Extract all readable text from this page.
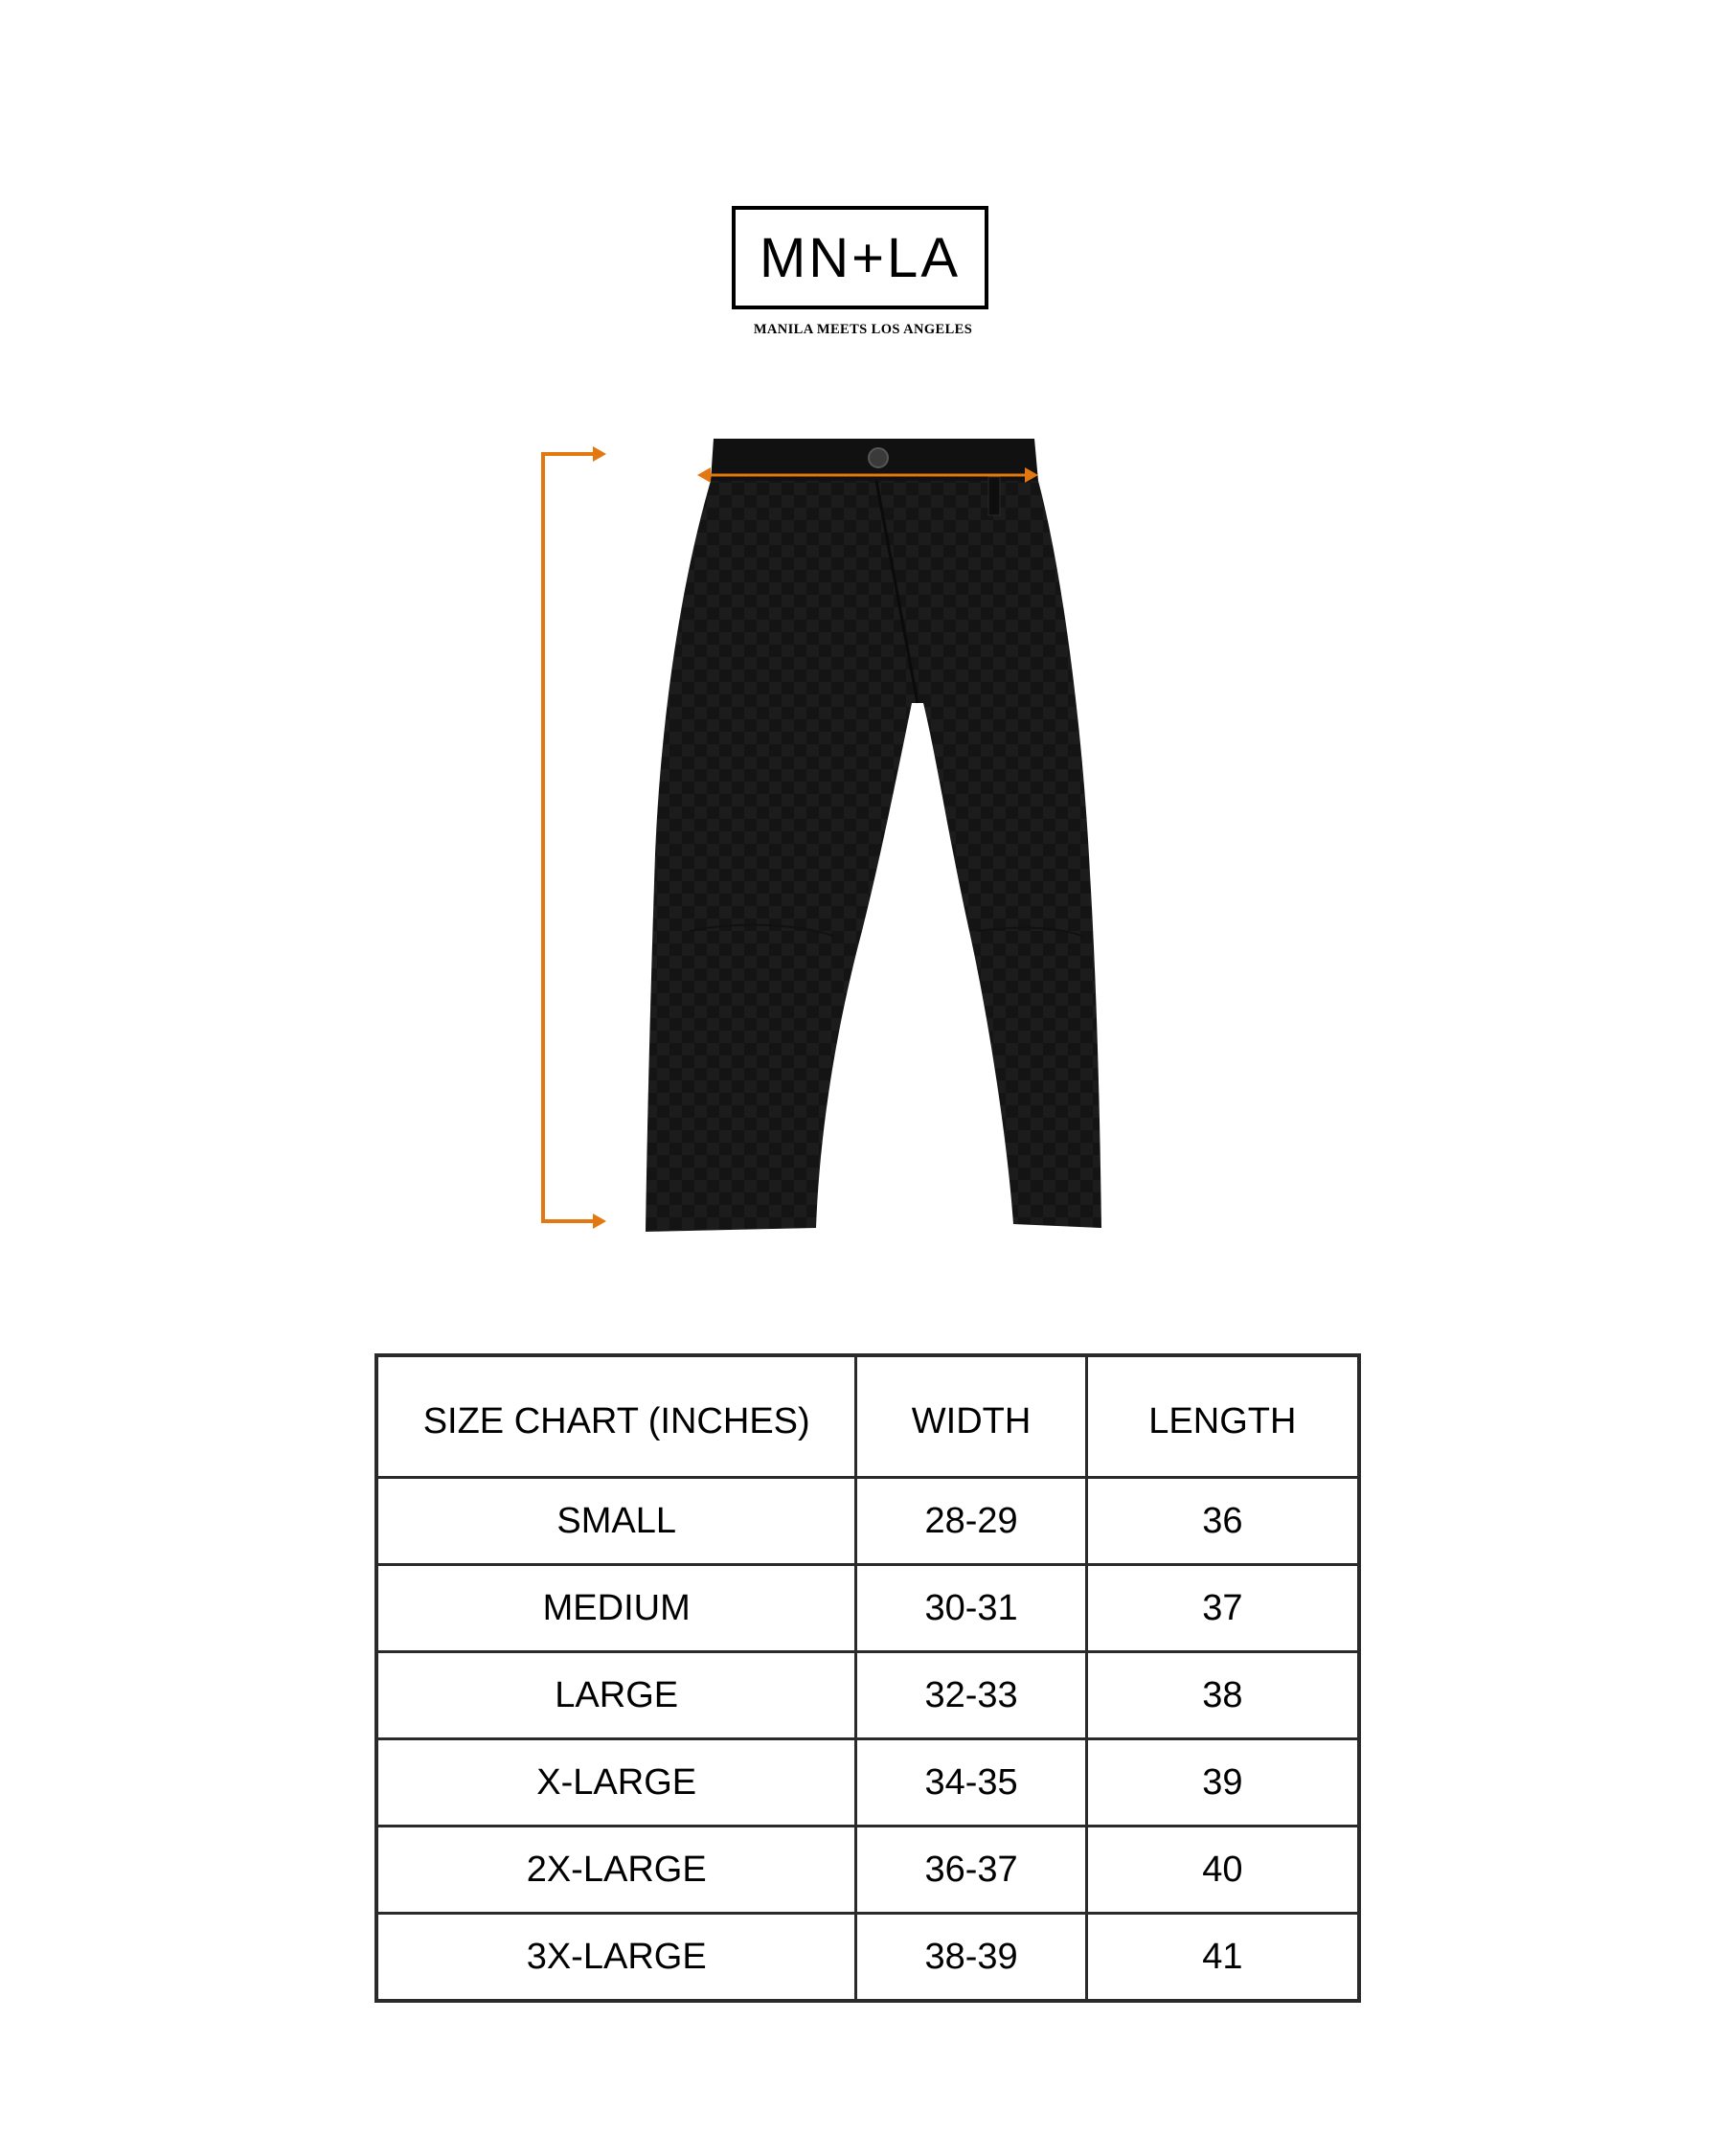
MN+LA
MANILA MEETS LOS ANGELES
SIZE CHART (INCHES)	WIDTH	LENGTH
SMALL	28-29	36
MEDIUM	30-31	37
LARGE	32-33	38
X-LARGE	34-35	39
2X-LARGE	36-37	40
3X-LARGE	38-39	41
